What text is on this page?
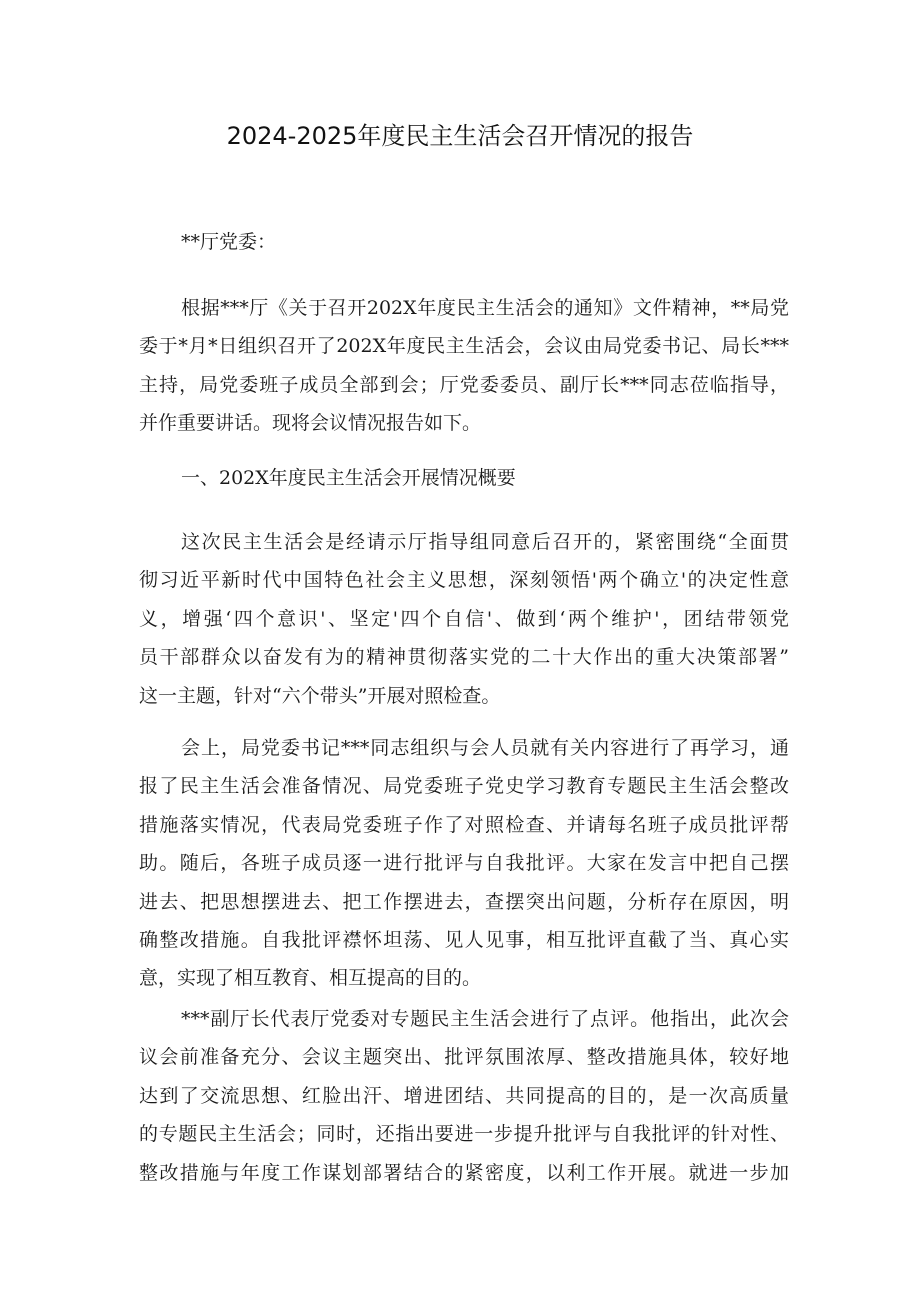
2024-2025年度民主生活会召开情况的报告
**厅党委：
根据***厅《关于召开202X年度民主生活会的通知》文件精神，**局党
委于*月*日组织召开了202X年度民主生活会，会议由局党委书记、局长***
主持，局党委班子成员全部到会；厅党委委员、副厅长***同志莅临指导，
并作重要讲话。现将会议情况报告如下。
一、202X年度民主生活会开展情况概要
这次民主生活会是经请示厅指导组同意后召开的，紧密围绕“全面贯
彻习近平新时代中国特色社会主义思想，深刻领悟'两个确立'的决定性意
义，增强‘四个意识'、坚定'四个自信'、做到‘两个维护'，团结带领党
员干部群众以奋发有为的精神贯彻落实党的二十大作出的重大决策部署”
这一主题，针对“六个带头”开展对照检查。
会上，局党委书记***同志组织与会人员就有关内容进行了再学习，通
报了民主生活会准备情况、局党委班子党史学习教育专题民主生活会整改
措施落实情况，代表局党委班子作了对照检查、并请每名班子成员批评帮
助。随后，各班子成员逐一进行批评与自我批评。大家在发言中把自己摆
进去、把思想摆进去、把工作摆进去，查摆突出问题，分析存在原因，明
确整改措施。自我批评襟怀坦荡、见人见事，相互批评直截了当、真心实
意，实现了相互教育、相互提高的目的。
***副厅长代表厅党委对专题民主生活会进行了点评。他指出，此次会
议会前准备充分、会议主题突出、批评氛围浓厚、整改措施具体，较好地
达到了交流思想、红脸出汗、增进团结、共同提高的目的，是一次高质量
的专题民主生活会；同时，还指出要进一步提升批评与自我批评的针对性、
整改措施与年度工作谋划部署结合的紧密度，以利工作开展。就进一步加
